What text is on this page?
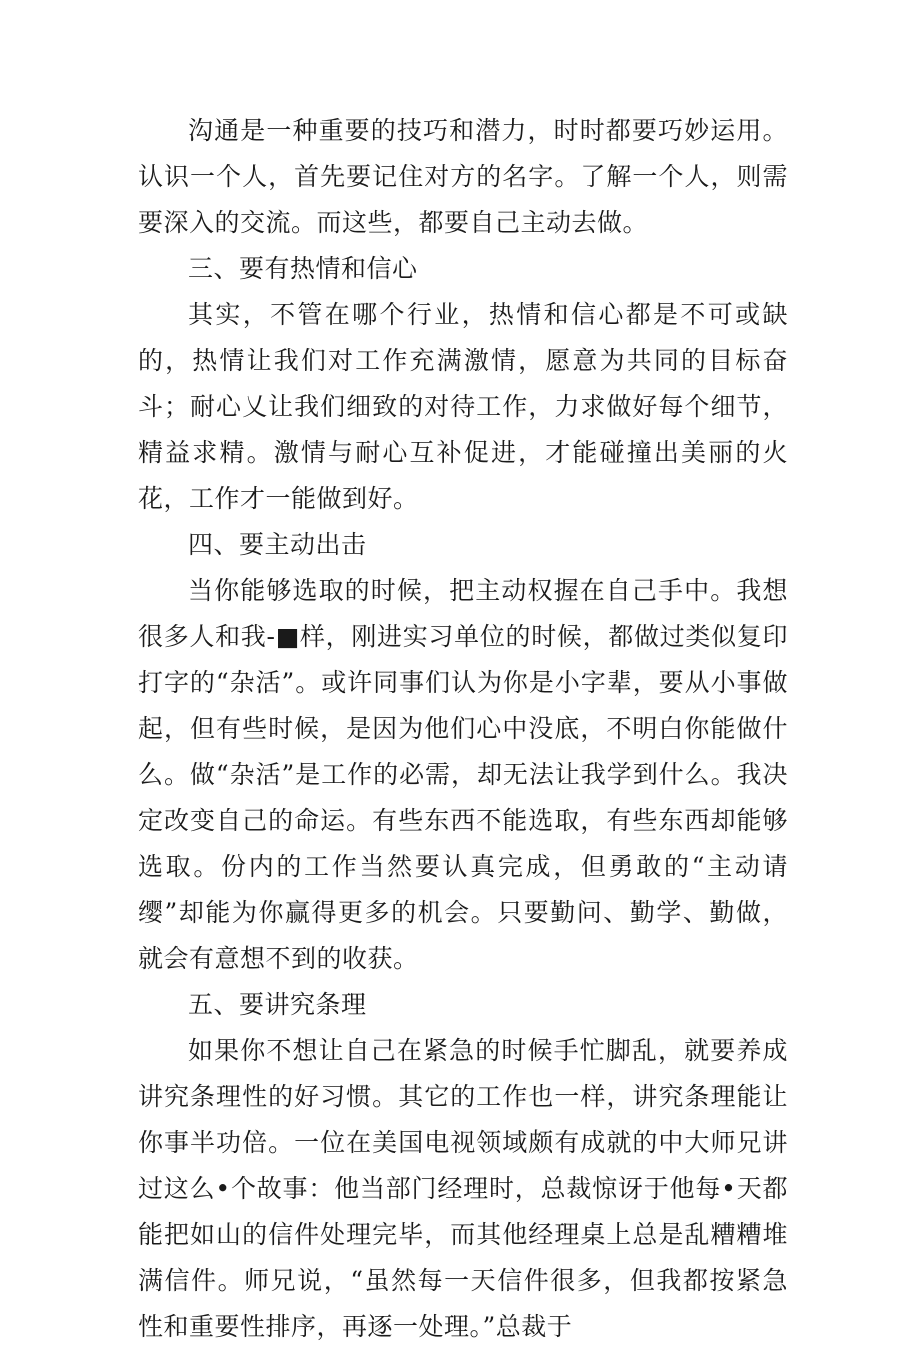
沟通是一种重要的技巧和潜力，时时都要巧妙运用。认识一个人，首先要记住对方的名字。了解一个人，则需要深入的交流。而这些，都要自己主动去做。

三、要有热情和信心

其实，不管在哪个行业，热情和信心都是不可或缺的，热情让我们对工作充满激情，愿意为共同的目标奋斗；耐心乂让我们细致的对待工作，力求做好每个细节，精益求精。激情与耐心互补促进，才能碰撞出美丽的火花，工作才一能做到好。

四、要主动出击

当你能够选取的时候，把主动权握在自己手中。我想很多人和我-■样，刚进实习单位的时候，都做过类似复印打字的“杂活”。或许同事们认为你是小字辈，要从小事做起，但有些时候，是因为他们心中没底，不明白你能做什么。做“杂活”是工作的必需，却无法让我学到什么。我决定改变自己的命运。有些东西不能选取，有些东西却能够选取。份内的工作当然要认真完成，但勇敢的“主动请缨”却能为你赢得更多的机会。只要勤问、勤学、勤做，就会有意想不到的收获。

五、要讲究条理

如果你不想让自己在紧急的时候手忙脚乱，就要养成讲究条理性的好习惯。其它的工作也一样，讲究条理能让你事半功倍。一位在美国电视领域颇有成就的中大师兄讲过这么•个故事：他当部门经理时，总裁惊讶于他每•天都能把如山的信件处理完毕，而其他经理桌上总是乱糟糟堆满信件。师兄说，“虽然每一天信件很多，但我都按紧急性和重要性排序，再逐一处理。”总裁于
